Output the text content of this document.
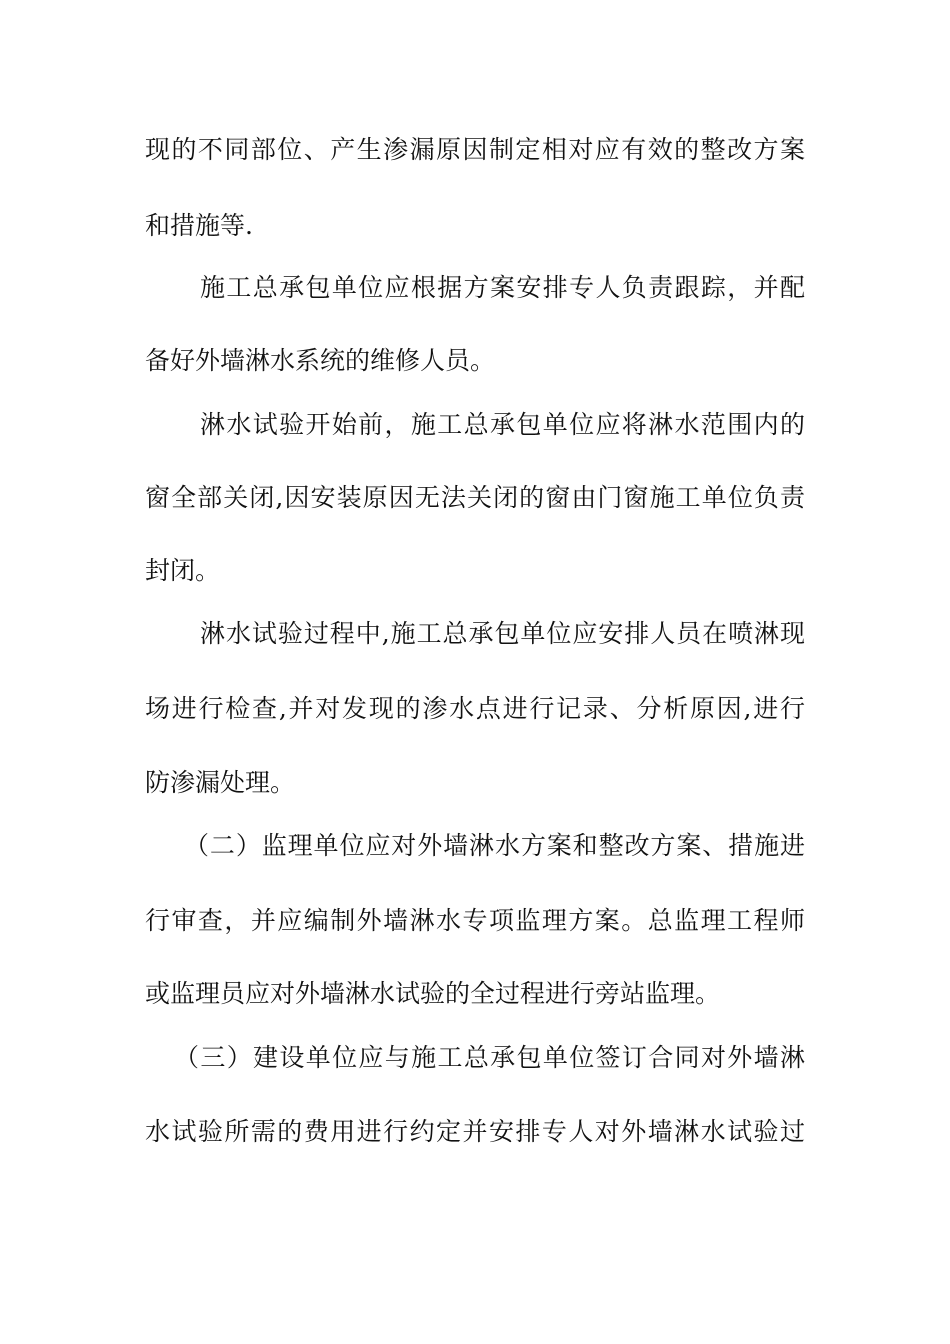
现的不同部位、产生渗漏原因制定相对应有效的整改方案
和措施等.
施工总承包单位应根据方案安排专人负责跟踪，并配
备好外墙淋水系统的维修人员。
淋水试验开始前，施工总承包单位应将淋水范围内的
窗全部关闭,因安装原因无法关闭的窗由门窗施工单位负责
封闭。
淋水试验过程中,施工总承包单位应安排人员在喷淋现
场进行检查,并对发现的渗水点进行记录、分析原因,进行
防渗漏处理。
（二）监理单位应对外墙淋水方案和整改方案、措施进
行审查，并应编制外墙淋水专项监理方案。总监理工程师
或监理员应对外墙淋水试验的全过程进行旁站监理。
（三）建设单位应与施工总承包单位签订合同对外墙淋
水试验所需的费用进行约定并安排专人对外墙淋水试验过
